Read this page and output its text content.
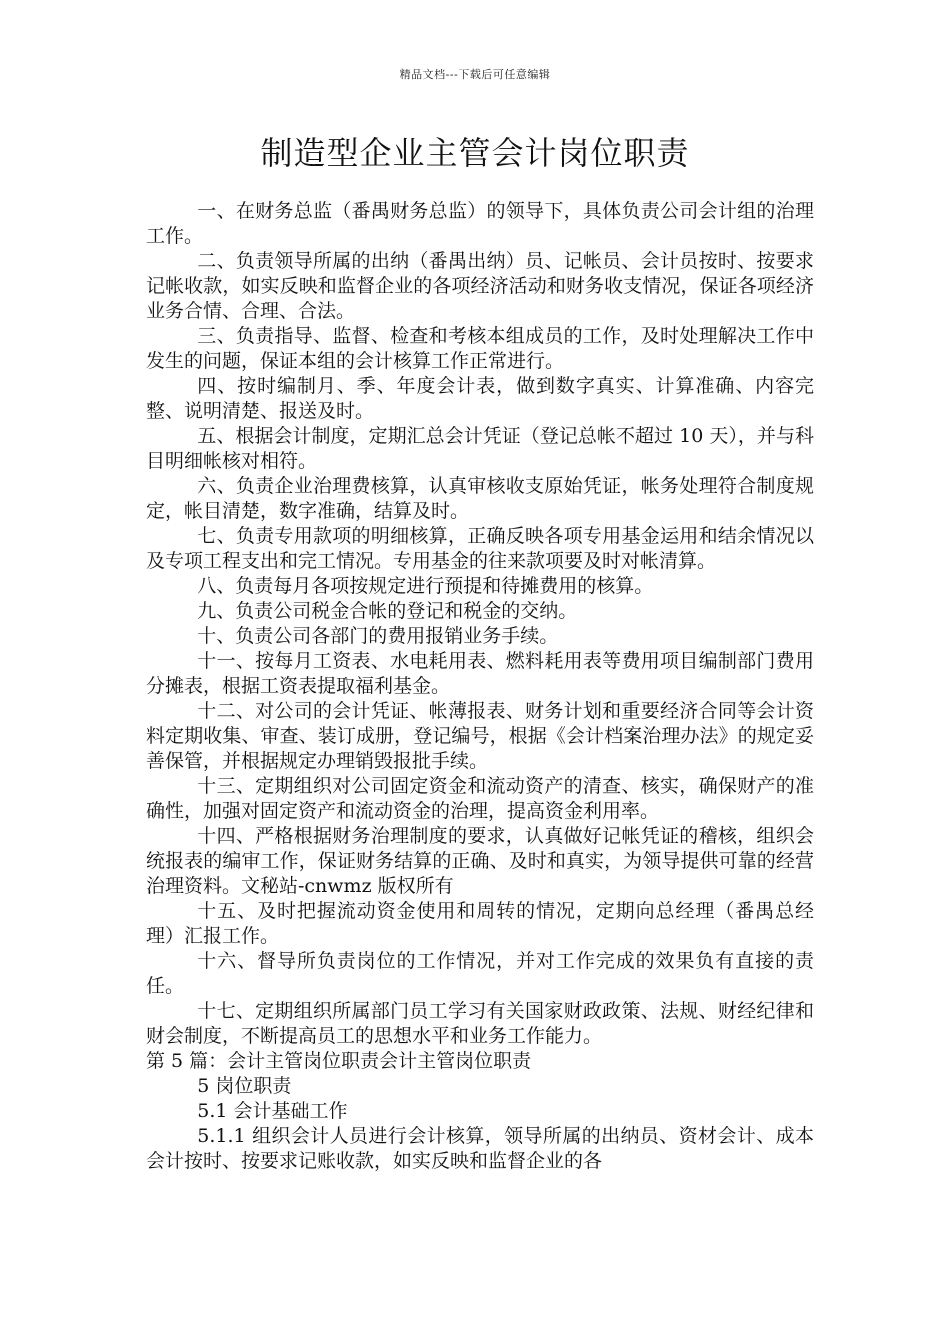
精品文档---下载后可任意编辑
制造型企业主管会计岗位职责

一、在财务总监（番禺财务总监）的领导下，具体负责公司会计组的治理工作。

二、负责领导所属的出纳（番禺出纳）员、记帐员、会计员按时、按要求记帐收款，如实反映和监督企业的各项经济活动和财务收支情况，保证各项经济业务合情、合理、合法。

三、负责指导、监督、检查和考核本组成员的工作，及时处理解决工作中发生的问题，保证本组的会计核算工作正常进行。

四、按时编制月、季、年度会计表，做到数字真实、计算准确、内容完整、说明清楚、报送及时。

五、根据会计制度，定期汇总会计凭证（登记总帐不超过 10 天），并与科目明细帐核对相符。

六、负责企业治理费核算，认真审核收支原始凭证，帐务处理符合制度规定，帐目清楚，数字准确，结算及时。

七、负责专用款项的明细核算，正确反映各项专用基金运用和结余情况以及专项工程支出和完工情况。专用基金的往来款项要及时对帐清算。

八、负责每月各项按规定进行预提和待摊费用的核算。

九、负责公司税金合帐的登记和税金的交纳。

十、负责公司各部门的费用报销业务手续。

十一、按每月工资表、水电耗用表、燃料耗用表等费用项目编制部门费用分摊表，根据工资表提取福利基金。

十二、对公司的会计凭证、帐薄报表、财务计划和重要经济合同等会计资料定期收集、审查、装订成册，登记编号，根据《会计档案治理办法》的规定妥善保管，并根据规定办理销毁报批手续。

十三、定期组织对公司固定资金和流动资产的清查、核实，确保财产的准确性，加强对固定资产和流动资金的治理，提高资金利用率。

十四、严格根据财务治理制度的要求，认真做好记帐凭证的稽核，组织会统报表的编审工作，保证财务结算的正确、及时和真实，为领导提供可靠的经营治理资料。文秘站-cnwmz 版权所有

十五、及时把握流动资金使用和周转的情况，定期向总经理（番禺总经理）汇报工作。

十六、督导所负责岗位的工作情况，并对工作完成的效果负有直接的责任。

十七、定期组织所属部门员工学习有关国家财政政策、法规、财经纪律和财会制度，不断提高员工的思想水平和业务工作能力。

第 5 篇：会计主管岗位职责会计主管岗位职责

5 岗位职责

5.1 会计基础工作

5.1.1 组织会计人员进行会计核算，领导所属的出纳员、资材会计、成本会计按时、按要求记账收款，如实反映和监督企业的各
